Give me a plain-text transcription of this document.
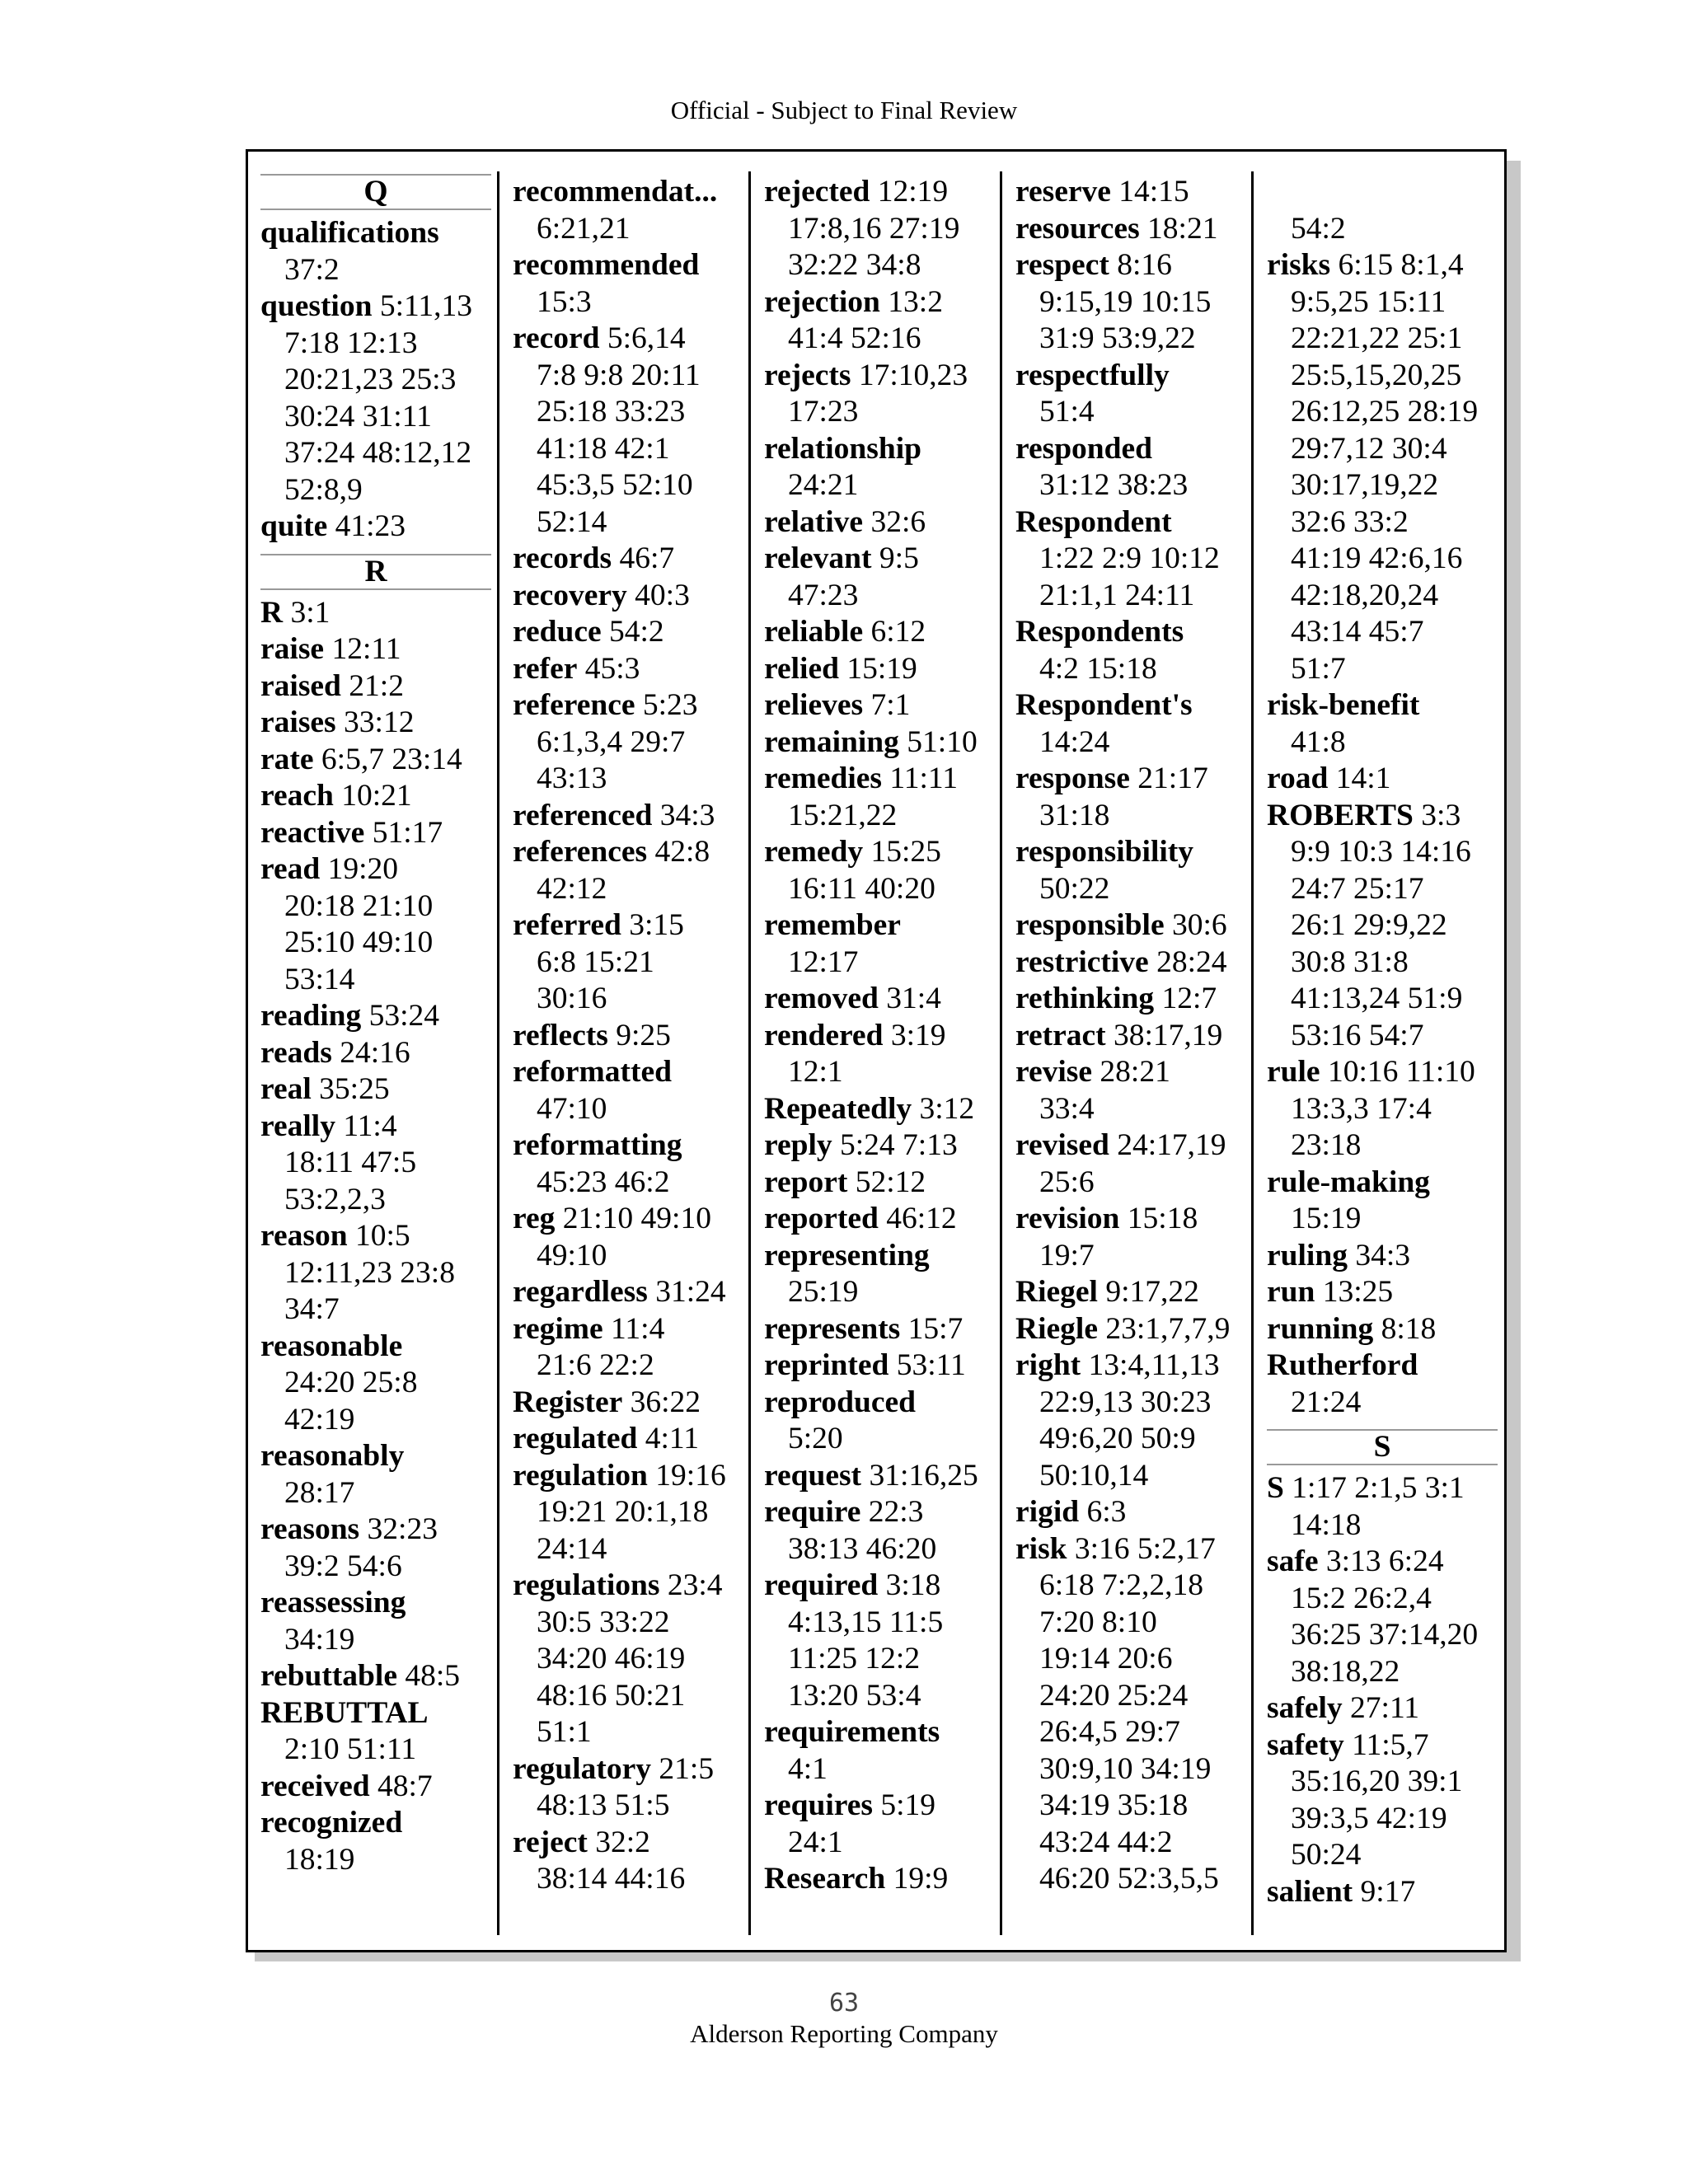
Official - Subject to Final Review
Q
qualifications
37:2
question 5:11,13
7:18 12:13
20:21,23 25:3
30:24 31:11
37:24 48:12,12
52:8,9
quite 41:23
R
R 3:1
raise 12:11
raised 21:2
raises 33:12
rate 6:5,7 23:14
reach 10:21
reactive 51:17
read 19:20
20:18 21:10
25:10 49:10
53:14
reading 53:24
reads 24:16
real 35:25
really 11:4
18:11 47:5
53:2,2,3
reason 10:5
12:11,23 23:8
34:7
reasonable
24:20 25:8
42:19
reasonably
28:17
reasons 32:23
39:2 54:6
reassessing
34:19
rebuttable 48:5
REBUTTAL
2:10 51:11
received 48:7
recognized
18:19
recommendat...
6:21,21
recommended
15:3
record 5:6,14
7:8 9:8 20:11
25:18 33:23
41:18 42:1
45:3,5 52:10
52:14
records 46:7
recovery 40:3
reduce 54:2
refer 45:3
reference 5:23
6:1,3,4 29:7
43:13
referenced 34:3
references 42:8
42:12
referred 3:15
6:8 15:21
30:16
reflects 9:25
reformatted
47:10
reformatting
45:23 46:2
reg 21:10 49:10
49:10
regardless 31:24
regime 11:4
21:6 22:2
Register 36:22
regulated 4:11
regulation 19:16
19:21 20:1,18
24:14
regulations 23:4
30:5 33:22
34:20 46:19
48:16 50:21
51:1
regulatory 21:5
48:13 51:5
reject 32:2
38:14 44:16
rejected 12:19
17:8,16 27:19
32:22 34:8
rejection 13:2
41:4 52:16
rejects 17:10,23
17:23
relationship
24:21
relative 32:6
relevant 9:5
47:23
reliable 6:12
relied 15:19
relieves 7:1
remaining 51:10
remedies 11:11
15:21,22
remedy 15:25
16:11 40:20
remember
12:17
removed 31:4
rendered 3:19
12:1
Repeatedly 3:12
reply 5:24 7:13
report 52:12
reported 46:12
representing
25:19
represents 15:7
reprinted 53:11
reproduced
5:20
request 31:16,25
require 22:3
38:13 46:20
required 3:18
4:13,15 11:5
11:25 12:2
13:20 53:4
requirements
4:1
requires 5:19
24:1
Research 19:9
reserve 14:15
resources 18:21
respect 8:16
9:15,19 10:15
31:9 53:9,22
respectfully
51:4
responded
31:12 38:23
Respondent
1:22 2:9 10:12
21:1,1 24:11
Respondents
4:2 15:18
Respondent's
14:24
response 21:17
31:18
responsibility
50:22
responsible 30:6
restrictive 28:24
rethinking 12:7
retract 38:17,19
revise 28:21
33:4
revised 24:17,19
25:6
revision 15:18
19:7
Riegel 9:17,22
Riegle 23:1,7,7,9
right 13:4,11,13
22:9,13 30:23
49:6,20 50:9
50:10,14
rigid 6:3
risk 3:16 5:2,17
6:18 7:2,2,18
7:20 8:10
19:14 20:6
24:20 25:24
26:4,5 29:7
30:9,10 34:19
34:19 35:18
43:24 44:2
46:20 52:3,5,5

54:2
risks 6:15 8:1,4
9:5,25 15:11
22:21,22 25:1
25:5,15,20,25
26:12,25 28:19
29:7,12 30:4
30:17,19,22
32:6 33:2
41:19 42:6,16
42:18,20,24
43:14 45:7
51:7
risk-benefit
41:8
road 14:1
ROBERTS 3:3
9:9 10:3 14:16
24:7 25:17
26:1 29:9,22
30:8 31:8
41:13,24 51:9
53:16 54:7
rule 10:16 11:10
13:3,3 17:4
23:18
rule-making
15:19
ruling 34:3
run 13:25
running 8:18
Rutherford
21:24
S
S 1:17 2:1,5 3:1
14:18
safe 3:13 6:24
15:2 26:2,4
36:25 37:14,20
38:18,22
safely 27:11
safety 11:5,7
35:16,20 39:1
39:3,5 42:19
50:24
salient 9:17
63
Alderson Reporting Company
